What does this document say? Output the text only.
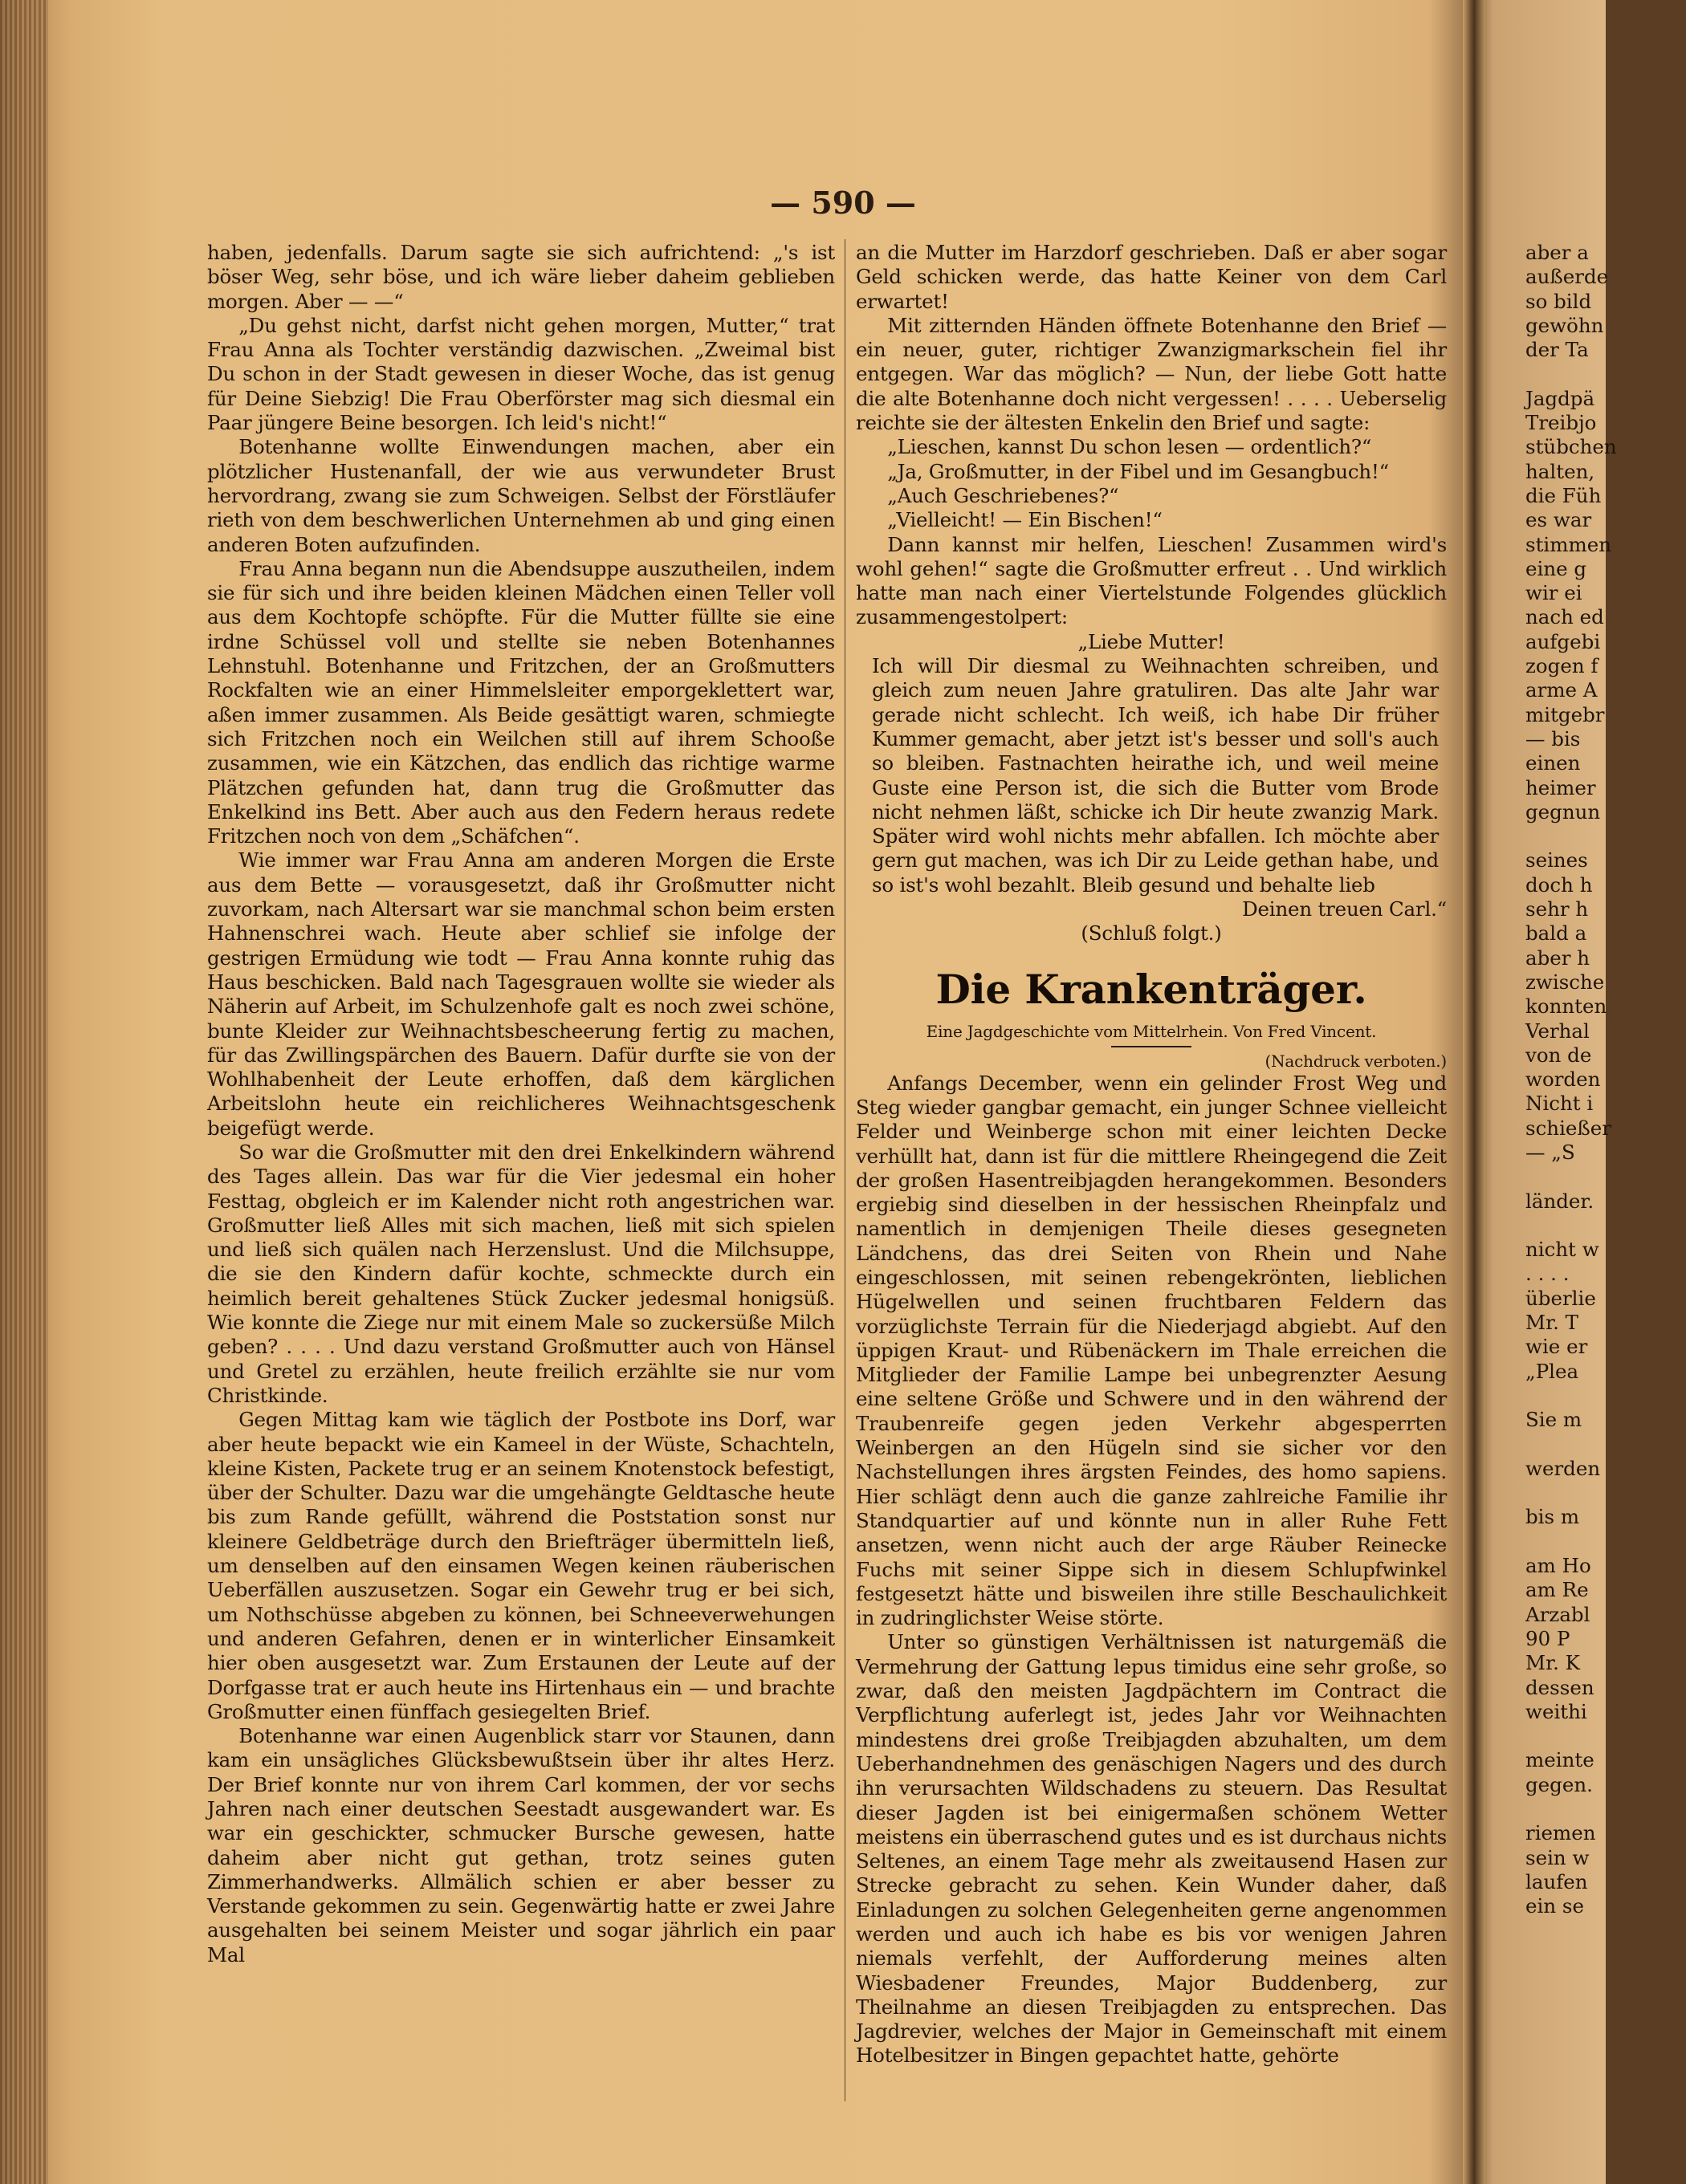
— 590 —

haben, jedenfalls. Darum sagte sie sich aufrichtend: „'s ist böser Weg, sehr böse, und ich wäre lieber daheim geblieben morgen. Aber — —“

„Du gehst nicht, darfst nicht gehen morgen, Mutter,“ trat Frau Anna als Tochter verständig dazwischen. „Zweimal bist Du schon in der Stadt gewesen in dieser Woche, das ist genug für Deine Siebzig! Die Frau Oberförster mag sich diesmal ein Paar jüngere Beine besorgen. Ich leid's nicht!“

Botenhanne wollte Einwendungen machen, aber ein plötzlicher Hustenanfall, der wie aus verwundeter Brust hervordrang, zwang sie zum Schweigen. Selbst der Förstläufer rieth von dem beschwerlichen Unternehmen ab und ging einen anderen Boten aufzufinden.

Frau Anna begann nun die Abendsuppe auszutheilen, indem sie für sich und ihre beiden kleinen Mädchen einen Teller voll aus dem Kochtopfe schöpfte. Für die Mutter füllte sie eine irdne Schüssel voll und stellte sie neben Botenhannes Lehnstuhl. Botenhanne und Fritzchen, der an Großmutters Rockfalten wie an einer Himmelsleiter emporgeklettert war, aßen immer zusammen. Als Beide gesättigt waren, schmiegte sich Fritzchen noch ein Weilchen still auf ihrem Schooße zusammen, wie ein Kätzchen, das endlich das richtige warme Plätzchen gefunden hat, dann trug die Großmutter das Enkelkind ins Bett. Aber auch aus den Federn heraus redete Fritzchen noch von dem „Schäfchen“.

Wie immer war Frau Anna am anderen Morgen die Erste aus dem Bette — vorausgesetzt, daß ihr Großmutter nicht zuvorkam, nach Altersart war sie manchmal schon beim ersten Hahnenschrei wach. Heute aber schlief sie infolge der gestrigen Ermüdung wie todt — Frau Anna konnte ruhig das Haus beschicken. Bald nach Tagesgrauen wollte sie wieder als Näherin auf Arbeit, im Schulzenhofe galt es noch zwei schöne, bunte Kleider zur Weihnachtsbescheerung fertig zu machen, für das Zwillingspärchen des Bauern. Dafür durfte sie von der Wohlhabenheit der Leute erhoffen, daß dem kärglichen Arbeitslohn heute ein reichlicheres Weihnachtsgeschenk beigefügt werde.

So war die Großmutter mit den drei Enkelkindern während des Tages allein. Das war für die Vier jedesmal ein hoher Festtag, obgleich er im Kalender nicht roth angestrichen war. Großmutter ließ Alles mit sich machen, ließ mit sich spielen und ließ sich quälen nach Herzenslust. Und die Milchsuppe, die sie den Kindern dafür kochte, schmeckte durch ein heimlich bereit gehaltenes Stück Zucker jedesmal honigsüß. Wie konnte die Ziege nur mit einem Male so zuckersüße Milch geben? . . . . Und dazu verstand Großmutter auch von Hänsel und Gretel zu erzählen, heute freilich erzählte sie nur vom Christkinde.

Gegen Mittag kam wie täglich der Postbote ins Dorf, war aber heute bepackt wie ein Kameel in der Wüste, Schachteln, kleine Kisten, Packete trug er an seinem Knotenstock befestigt, über der Schulter. Dazu war die umgehängte Geldtasche heute bis zum Rande gefüllt, während die Poststation sonst nur kleinere Geldbeträge durch den Briefträger übermitteln ließ, um denselben auf den einsamen Wegen keinen räuberischen Ueberfällen auszusetzen. Sogar ein Gewehr trug er bei sich, um Nothschüsse abgeben zu können, bei Schneeverwehungen und anderen Gefahren, denen er in winterlicher Einsamkeit hier oben ausgesetzt war. Zum Erstaunen der Leute auf der Dorfgasse trat er auch heute ins Hirtenhaus ein — und brachte Großmutter einen fünffach gesiegelten Brief.

Botenhanne war einen Augenblick starr vor Staunen, dann kam ein unsägliches Glücksbewußtsein über ihr altes Herz. Der Brief konnte nur von ihrem Carl kommen, der vor sechs Jahren nach einer deutschen Seestadt ausgewandert war. Es war ein geschickter, schmucker Bursche gewesen, hatte daheim aber nicht gut gethan, trotz seines guten Zimmerhandwerks. Allmälich schien er aber besser zu Verstande gekommen zu sein. Gegenwärtig hatte er zwei Jahre ausgehalten bei seinem Meister und sogar jährlich ein paar Mal

an die Mutter im Harzdorf geschrieben. Daß er aber sogar Geld schicken werde, das hatte Keiner von dem Carl erwartet!

Mit zitternden Händen öffnete Botenhanne den Brief — ein neuer, guter, richtiger Zwanzigmarkschein fiel ihr entgegen. War das möglich? — Nun, der liebe Gott hatte die alte Botenhanne doch nicht vergessen! . . . . Ueberselig reichte sie der ältesten Enkelin den Brief und sagte:

„Lieschen, kannst Du schon lesen — ordentlich?“

„Ja, Großmutter, in der Fibel und im Gesangbuch!“

„Auch Geschriebenes?“

„Vielleicht! — Ein Bischen!“

Dann kannst mir helfen, Lieschen! Zusammen wird's wohl gehen!“ sagte die Großmutter erfreut . . Und wirklich hatte man nach einer Viertelstunde Folgendes glücklich zusammengestolpert:

„Liebe Mutter!

Ich will Dir diesmal zu Weihnachten schreiben, und gleich zum neuen Jahre gratuliren. Das alte Jahr war gerade nicht schlecht. Ich weiß, ich habe Dir früher Kummer gemacht, aber jetzt ist's besser und soll's auch so bleiben. Fastnachten heirathe ich, und weil meine Guste eine Person ist, die sich die Butter vom Brode nicht nehmen läßt, schicke ich Dir heute zwanzig Mark. Später wird wohl nichts mehr abfallen. Ich möchte aber gern gut machen, was ich Dir zu Leide gethan habe, und so ist's wohl bezahlt. Bleib gesund und behalte lieb

Deinen treuen Carl.“

(Schluß folgt.)

Die Krankenträger.
Eine Jagdgeschichte vom Mittelrhein. Von Fred Vincent.

(Nachdruck verboten.)

Anfangs December, wenn ein gelinder Frost Weg und Steg wieder gangbar gemacht, ein junger Schnee vielleicht Felder und Weinberge schon mit einer leichten Decke verhüllt hat, dann ist für die mittlere Rheingegend die Zeit der großen Hasentreibjagden herangekommen. Besonders ergiebig sind dieselben in der hessischen Rheinpfalz und namentlich in demjenigen Theile dieses gesegneten Ländchens, das drei Seiten von Rhein und Nahe eingeschlossen, mit seinen rebengekrönten, lieblichen Hügelwellen und seinen fruchtbaren Feldern das vorzüglichste Terrain für die Niederjagd abgiebt. Auf den üppigen Kraut- und Rübenäckern im Thale erreichen die Mitglieder der Familie Lampe bei unbegrenzter Aesung eine seltene Größe und Schwere und in den während der Traubenreife gegen jeden Verkehr abgesperrten Weinbergen an den Hügeln sind sie sicher vor den Nachstellungen ihres ärgsten Feindes, des homo sapiens. Hier schlägt denn auch die ganze zahlreiche Familie ihr Standquartier auf und könnte nun in aller Ruhe Fett ansetzen, wenn nicht auch der arge Räuber Reinecke Fuchs mit seiner Sippe sich in diesem Schlupfwinkel festgesetzt hätte und bisweilen ihre stille Beschaulichkeit in zudringlichster Weise störte.

Unter so günstigen Verhältnissen ist naturgemäß die Vermehrung der Gattung lepus timidus eine sehr große, so zwar, daß den meisten Jagdpächtern im Contract die Verpflichtung auferlegt ist, jedes Jahr vor Weihnachten mindestens drei große Treibjagden abzuhalten, um dem Ueberhandnehmen des genäschigen Nagers und des durch ihn verursachten Wildschadens zu steuern. Das Resultat dieser Jagden ist bei einigermaßen schönem Wetter meistens ein überraschend gutes und es ist durchaus nichts Seltenes, an einem Tage mehr als zweitausend Hasen zur Strecke gebracht zu sehen. Kein Wunder daher, daß Einladungen zu solchen Gelegenheiten gerne angenommen werden und auch ich habe es bis vor wenigen Jahren niemals verfehlt, der Aufforderung meines alten Wiesbadener Freundes, Major Buddenberg, zur Theilnahme an diesen Treibjagden zu entsprechen. Das Jagdrevier, welches der Major in Gemeinschaft mit einem Hotelbesitzer in Bingen gepachtet hatte, gehörte

aber a
außerde
so bild
gewöhn
der Ta
Jagdpä
Treibjo
stübchen
halten,
die Füh
es war
stimmen
eine g
wir ei
nach ed
aufgebi
zogen f
arme A
mitgebr
— bis
einen
heimer
gegnun
seines
doch h
sehr h
bald a
aber h
zwische
konnten
Verhal
von de
worden
Nicht i
schießer
— „S
länder.
nicht w
. . . .
überlie
Mr. T
wie er
„Plea
Sie m
werden
bis m
am Ho
am Re
Arzabl
90 P
Mr. K
dessen
weithi
meinte
gegen.
riemen
sein w
laufen
ein se
